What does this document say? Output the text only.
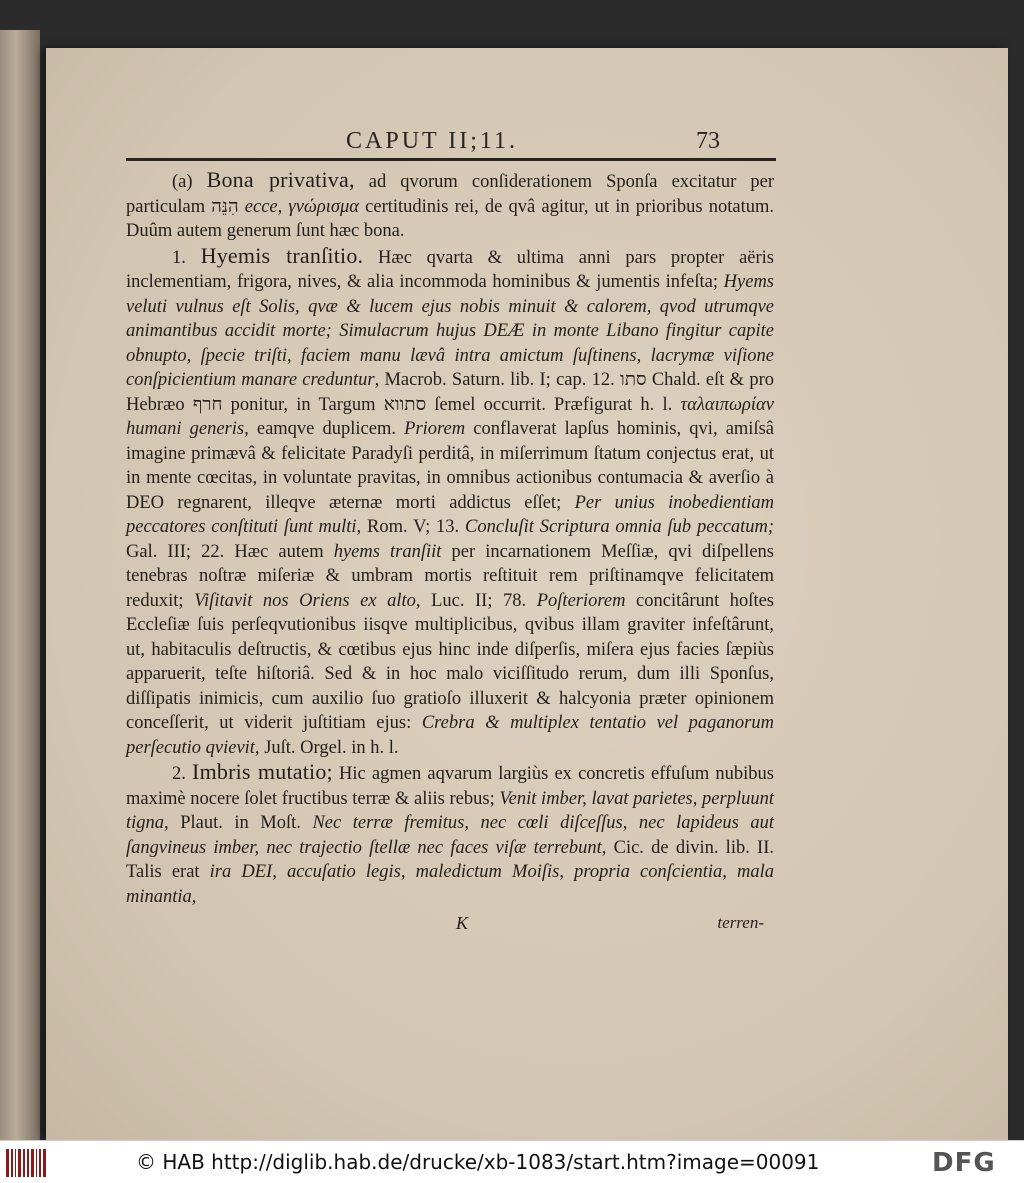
CAPUT II;11.	73

(a) Bona privativa, ad qvorum conſiderationem Sponſa excitatur per particulam הִנֵּה ecce, γνώρισμα certitudinis rei, de qvâ agitur, ut in prioribus notatum. Duûm autem generum ſunt hæc bona.

1. Hyemis tranſitio. Hæc qvarta & ultima anni pars propter aëris inclementiam, frigora, nives, & alia incommoda hominibus & jumentis infeſta; Hyems veluti vulnus eſt Solis, qvæ & lucem ejus nobis minuit & calorem, qvod utrumqve animantibus accidit morte; Simulacrum hujus DEÆ in monte Libano fingitur capite obnupto, ſpecie triſti, faciem manu lævâ intra amictum ſuſtinens, lacrymæ viſione conſpicientium manare creduntur, Macrob. Saturn. lib. I; cap. 12. סתו Chald. eſt & pro Hebræo חרף ponitur, in Targum סתווא ſemel occurrit. Præfigurat h. l. ταλαιπωρίαν humani generis, eamqve duplicem. Priorem conflaverat lapſus hominis, qvi, amiſsâ imagine primævâ & felicitate Paradyſi perditâ, in miſerrimum ſtatum conjectus erat, ut in mente cœcitas, in voluntate pravitas, in omnibus actionibus contumacia & averſio à DEO regnarent, illeqve æternæ morti addictus eſſet; Per unius inobedientiam peccatores conſtituti ſunt multi, Rom. V; 13. Concluſit Scriptura omnia ſub peccatum; Gal. III; 22. Hæc autem hyems tranſiit per incarnationem Meſſiæ, qvi diſpellens tenebras noſtræ miſeriæ & umbram mortis reſtituit rem priſtinamqve felicitatem reduxit; Viſitavit nos Oriens ex alto, Luc. II; 78. Poſteriorem concitârunt hoſtes Eccleſiæ ſuis perſeqvutionibus iisqve multiplicibus, qvibus illam graviter infeſtârunt, ut, habitaculis deſtructis, & cœtibus ejus hinc inde diſperſis, miſera ejus facies ſæpiùs apparuerit, teſte hiſtoriâ. Sed & in hoc malo viciſſitudo rerum, dum illi Sponſus, diſſipatis inimicis, cum auxilio ſuo gratioſo illuxerit & halcyonia præter opinionem conceſſerit, ut viderit juſtitiam ejus: Crebra & multiplex tentatio vel paganorum perſecutio qvievit, Juſt. Orgel. in h. l.

2. Imbris mutatio; Hic agmen aqvarum largiùs ex concretis effuſum nubibus maximè nocere ſolet fructibus terræ & aliis rebus; Venit imber, lavat parietes, perpluunt tigna, Plaut. in Moſt. Nec terræ fremitus, nec cœli diſceſſus, nec lapideus aut ſangvineus imber, nec trajectio ſtellæ nec faces viſæ terrebunt, Cic. de divin. lib. II. Talis erat ira DEI, accuſatio legis, maledictum Moiſis, propria conſcientia, mala minantia,

K	terren-
© HAB http://diglib.hab.de/drucke/xb-1083/start.htm?image=00091	DFG
